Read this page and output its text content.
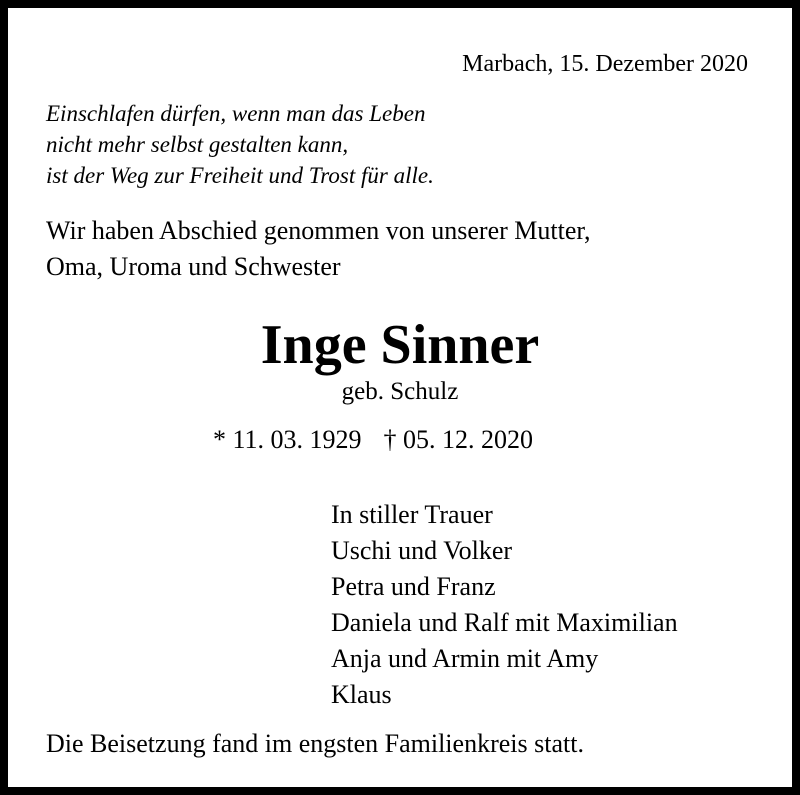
Marbach, 15. Dezember 2020
Einschlafen dürfen, wenn man das Leben
nicht mehr selbst gestalten kann,
ist der Weg zur Freiheit und Trost für alle.
Wir haben Abschied genommen von unserer Mutter,
Oma, Uroma und Schwester
Inge Sinner
geb. Schulz
* 11. 03. 1929 † 05. 12. 2020
In stiller Trauer
Uschi und Volker
Petra und Franz
Daniela und Ralf mit Maximilian
Anja und Armin mit Amy
Klaus
Die Beisetzung fand im engsten Familienkreis statt.
